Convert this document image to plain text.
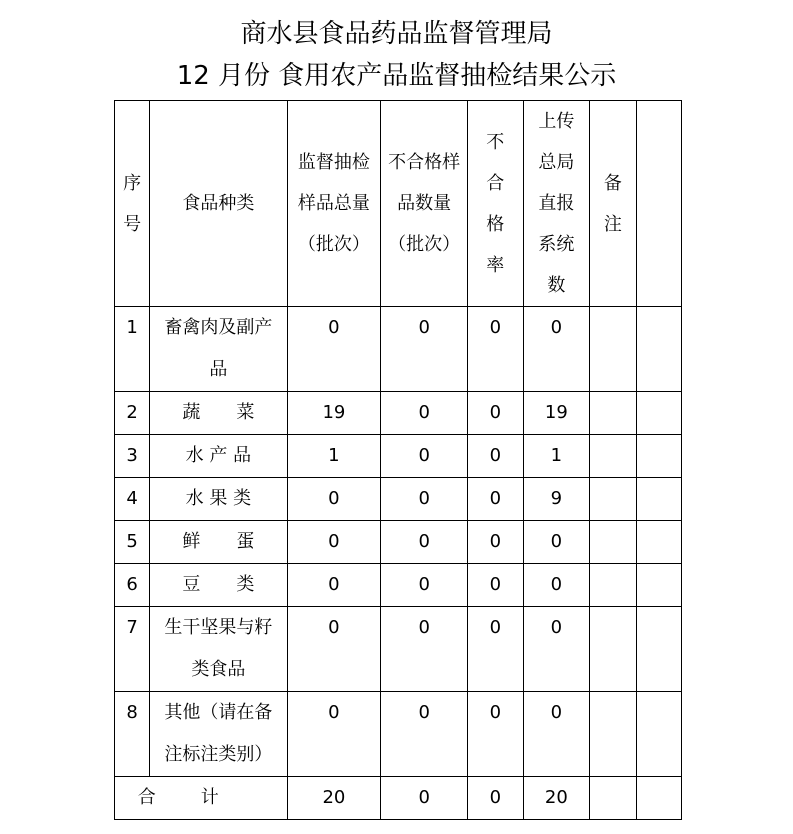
商水县食品药品监督管理局
12 月份 食用农产品监督抽检结果公示
序号	食品种类	监督抽检样品总量（批次）	不合格样品数量（批次）	不合格率	上传总局直报系统数	备注	
1	畜禽肉及副产品	0	0	0	0		
2	蔬　　菜	19	0	0	19		
3	水 产 品	1	0	0	1		
4	水 果 类	0	0	0	9		
5	鲜　　蛋	0	0	0	0		
6	豆　　类	0	0	0	0		
7	生干坚果与籽类食品	0	0	0	0		
8	其他（请在备注标注类别）	0	0	0	0		
合计		20	0	0	20		
